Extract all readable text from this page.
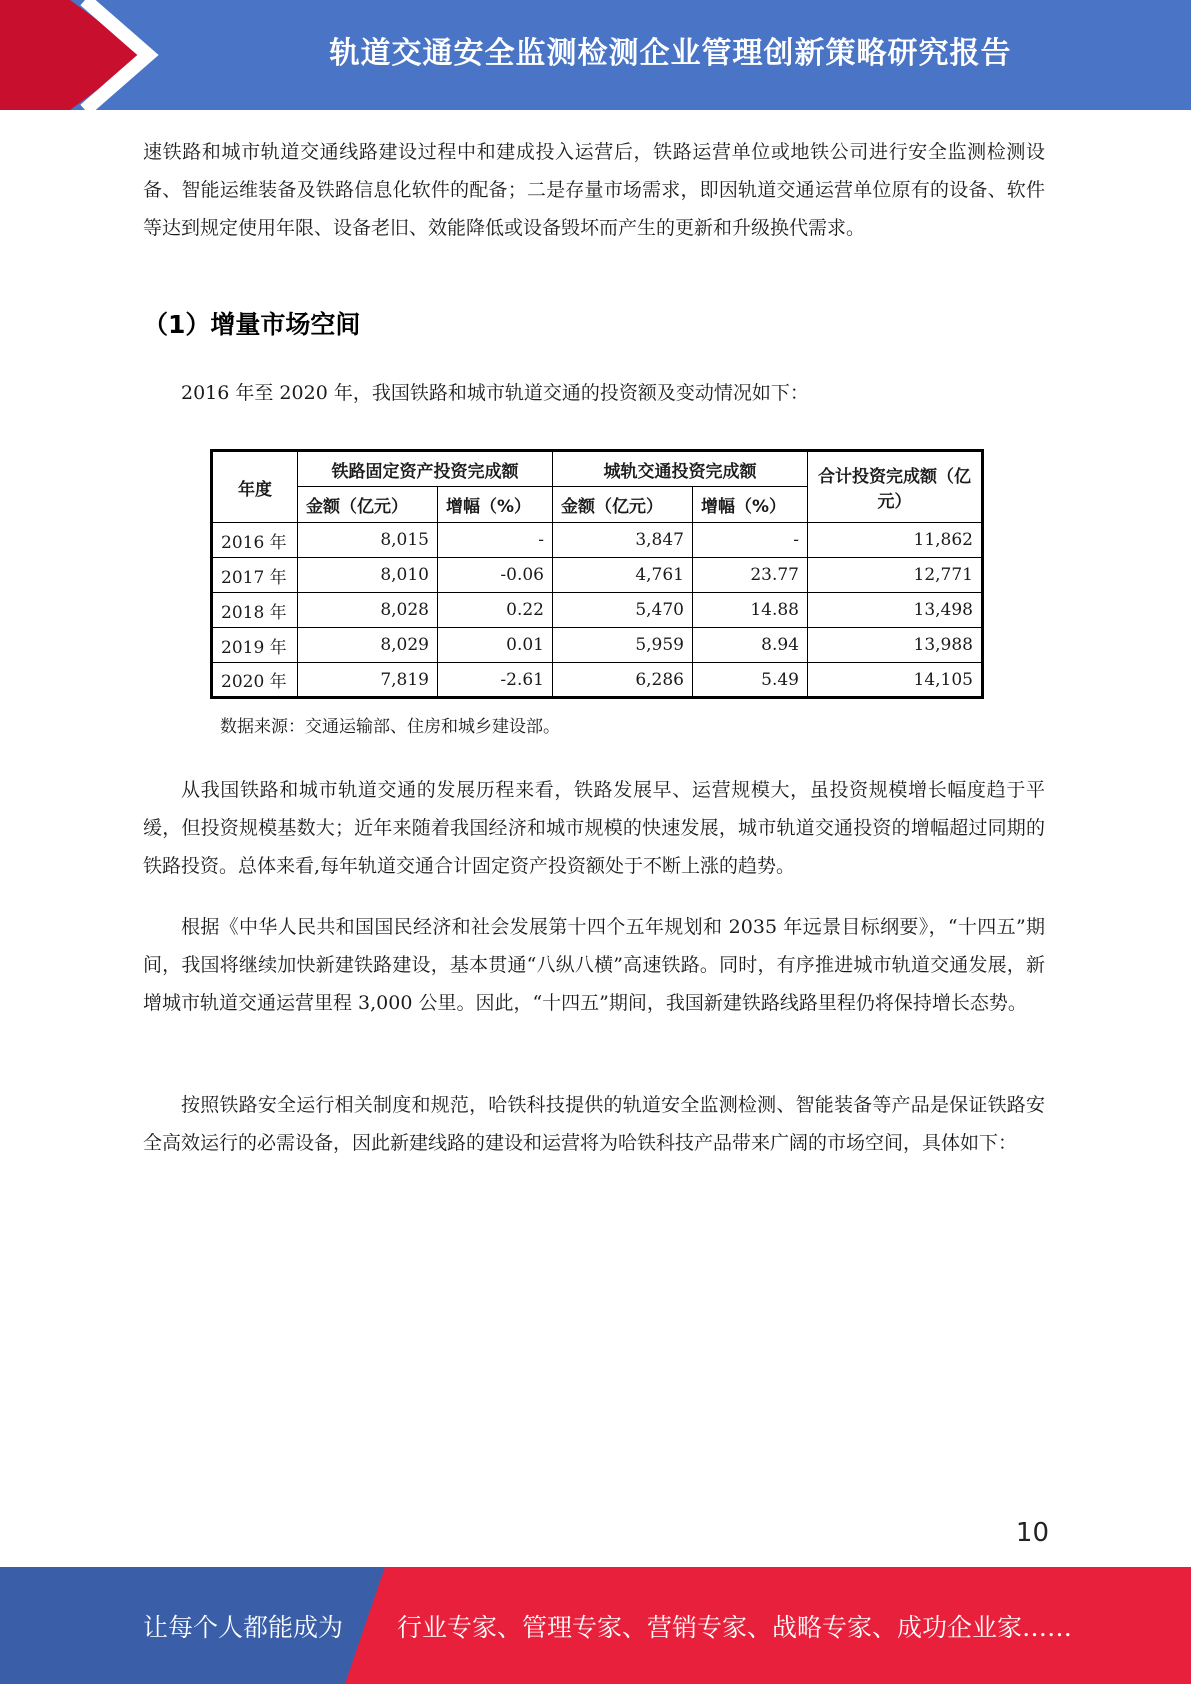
轨道交通安全监测检测企业管理创新策略研究报告

速铁路和城市轨道交通线路建设过程中和建成投入运营后，铁路运营单位或地铁公司进行安全监测检测设备、智能运维装备及铁路信息化软件的配备；二是存量市场需求，即因轨道交通运营单位原有的设备、软件等达到规定使用年限、设备老旧、效能降低或设备毁坏而产生的更新和升级换代需求。

（1）增量市场空间

2016 年至 2020 年，我国铁路和城市轨道交通的投资额及变动情况如下：

年度	铁路固定资产投资完成额		城轨交通投资完成额		合计投资完成额（亿元）
	金额（亿元）	增幅（%）	金额（亿元）	增幅（%）	
2016 年	8,015	-	3,847	-	11,862
2017 年	8,010	-0.06	4,761	23.77	12,771
2018 年	8,028	0.22	5,470	14.88	13,498
2019 年	8,029	0.01	5,959	8.94	13,988
2020 年	7,819	-2.61	6,286	5.49	14,105
数据来源：交通运输部、住房和城乡建设部。

从我国铁路和城市轨道交通的发展历程来看，铁路发展早、运营规模大，虽投资规模增长幅度趋于平缓，但投资规模基数大；近年来随着我国经济和城市规模的快速发展，城市轨道交通投资的增幅超过同期的铁路投资。总体来看,每年轨道交通合计固定资产投资额处于不断上涨的趋势。

根据《中华人民共和国国民经济和社会发展第十四个五年规划和 2035 年远景目标纲要》，“十四五”期间，我国将继续加快新建铁路建设，基本贯通“八纵八横”高速铁路。同时，有序推进城市轨道交通发展，新增城市轨道交通运营里程 3,000 公里。因此，“十四五”期间，我国新建铁路线路里程仍将保持增长态势。

按照铁路安全运行相关制度和规范，哈铁科技提供的轨道安全监测检测、智能装备等产品是保证铁路安全高效运行的必需设备，因此新建线路的建设和运营将为哈铁科技产品带来广阔的市场空间，具体如下：

10
让每个人都能成为 行业专家、管理专家、营销专家、战略专家、成功企业家……
